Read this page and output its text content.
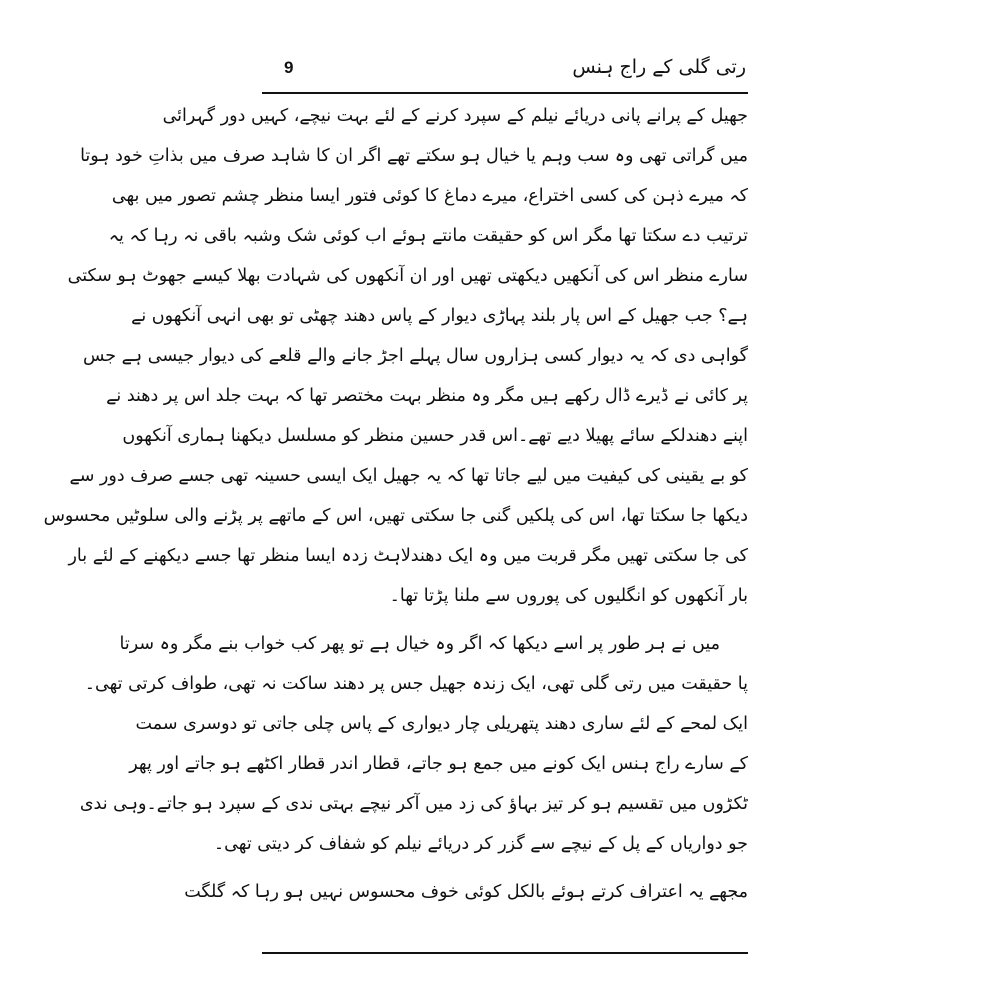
رتی گلی کے راج ہنس
9
جھیل کے پرانے پانی دریائے نیلم کے سپرد کرنے کے لئے بہت نیچے، کہیں دور گہرائی
میں گراتی تھی وہ سب وہم یا خیال ہو سکتے تھے اگر ان کا شاہد صرف میں بذاتِ خود ہوتا
کہ میرے ذہن کی کسی اختراع، میرے دماغ کا کوئی فتور ایسا منظر چشم تصور میں بھی
ترتیب دے سکتا تھا مگر اس کو حقیقت مانتے ہوئے اب کوئی شک وشبہ باقی نہ رہا کہ یہ
سارے منظر اس کی آنکھیں دیکھتی تھیں اور ان آنکھوں کی شہادت بھلا کیسے جھوٹ ہو سکتی
ہے؟ جب جھیل کے اس پار بلند پہاڑی دیوار کے پاس دھند چھٹی تو بھی انہی آنکھوں نے
گواہی دی کہ یہ دیوار کسی ہزاروں سال پہلے اجڑ جانے والے قلعے کی دیوار جیسی ہے جس
پر کائی نے ڈیرے ڈال رکھے ہیں مگر وہ منظر بہت مختصر تھا کہ بہت جلد اس پر دھند نے
اپنے دھندلکے سائے پھیلا دیے تھے۔اس قدر حسین منظر کو مسلسل دیکھنا ہماری آنکھوں
کو بے یقینی کی کیفیت میں لیے جاتا تھا کہ یہ جھیل ایک ایسی حسینہ تھی جسے صرف دور سے
دیکھا جا سکتا تھا، اس کی پلکیں گنی جا سکتی تھیں، اس کے ماتھے پر پڑنے والی سلوٹیں محسوس
کی جا سکتی تھیں مگر قربت میں وہ ایک دھندلاہٹ زدہ ایسا منظر تھا جسے دیکھنے کے لئے بار
بار آنکھوں کو انگلیوں کی پوروں سے ملنا پڑتا تھا۔
میں نے ہر طور پر اسے دیکھا کہ اگر وہ خیال ہے تو پھر کب خواب بنے مگر وہ سرتا
پا حقیقت میں رتی گلی تھی، ایک زندہ جھیل جس پر دھند ساکت نہ تھی، طواف کرتی تھی۔
ایک لمحے کے لئے ساری دھند پتھریلی چار دیواری کے پاس چلی جاتی تو دوسری سمت
کے سارے راج ہنس ایک کونے میں جمع ہو جاتے، قطار اندر قطار اکٹھے ہو جاتے اور پھر
ٹکڑوں میں تقسیم ہو کر تیز بہاؤ کی زد میں آکر نیچے بہتی ندی کے سپرد ہو جاتے۔وہی ندی
جو دواریاں کے پل کے نیچے سے گزر کر دریائے نیلم کو شفاف کر دیتی تھی۔
مجھے یہ اعتراف کرتے ہوئے بالکل کوئی خوف محسوس نہیں ہو رہا کہ گلگت
